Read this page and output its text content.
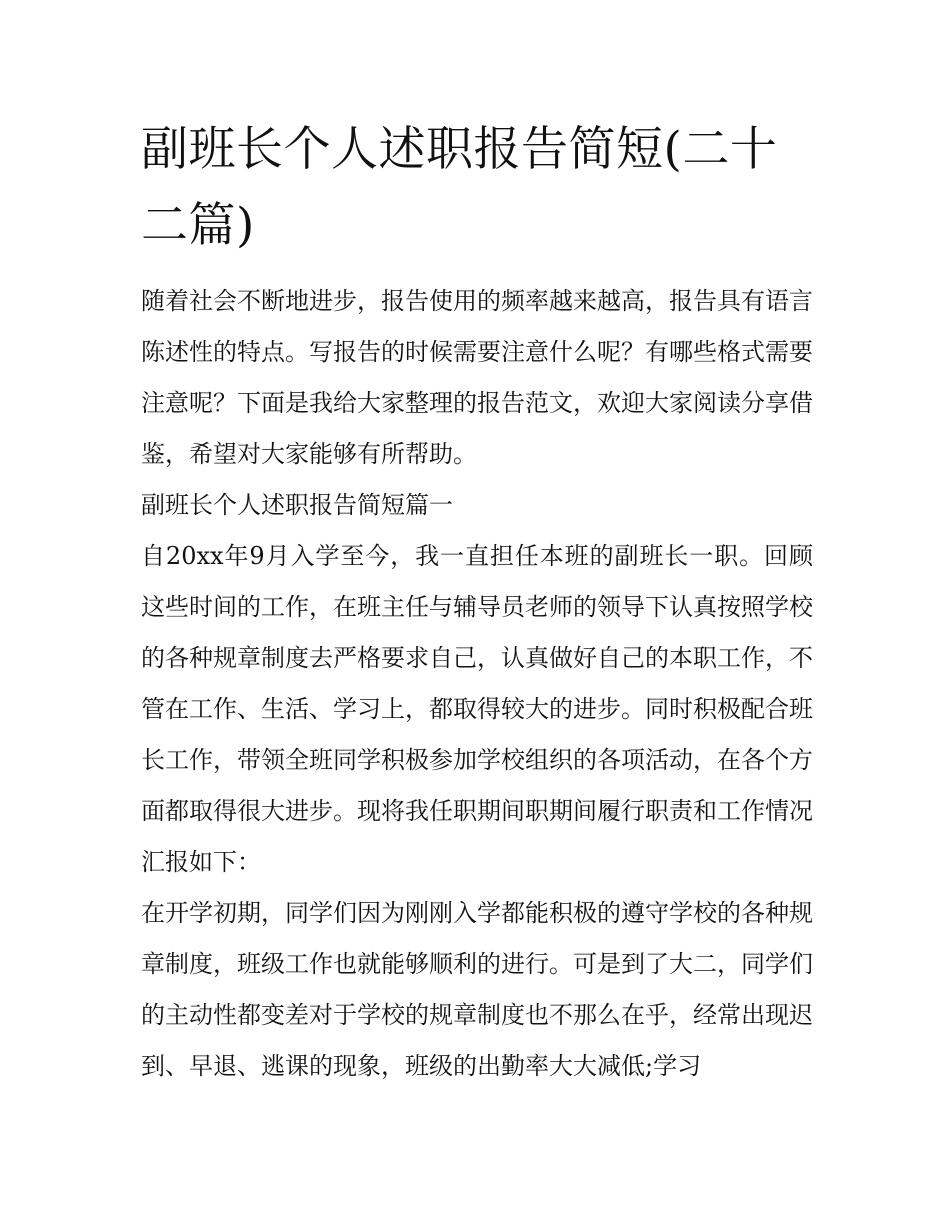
副班长个人述职报告简短(二十二篇)

随着社会不断地进步，报告使用的频率越来越高，报告具有语言陈述性的特点。写报告的时候需要注意什么呢？有哪些格式需要注意呢？下面是我给大家整理的报告范文，欢迎大家阅读分享借鉴，希望对大家能够有所帮助。

副班长个人述职报告简短篇一

自20xx年9月入学至今，我一直担任本班的副班长一职。回顾这些时间的工作，在班主任与辅导员老师的领导下认真按照学校的各种规章制度去严格要求自己，认真做好自己的本职工作，不管在工作、生活、学习上，都取得较大的进步。同时积极配合班长工作，带领全班同学积极参加学校组织的各项活动，在各个方面都取得很大进步。现将我任职期间职期间履行职责和工作情况汇报如下：

在开学初期，同学们因为刚刚入学都能积极的遵守学校的各种规章制度，班级工作也就能够顺利的进行。可是到了大二，同学们的主动性都变差对于学校的规章制度也不那么在乎，经常出现迟到、早退、逃课的现象，班级的出勤率大大减低;学习
